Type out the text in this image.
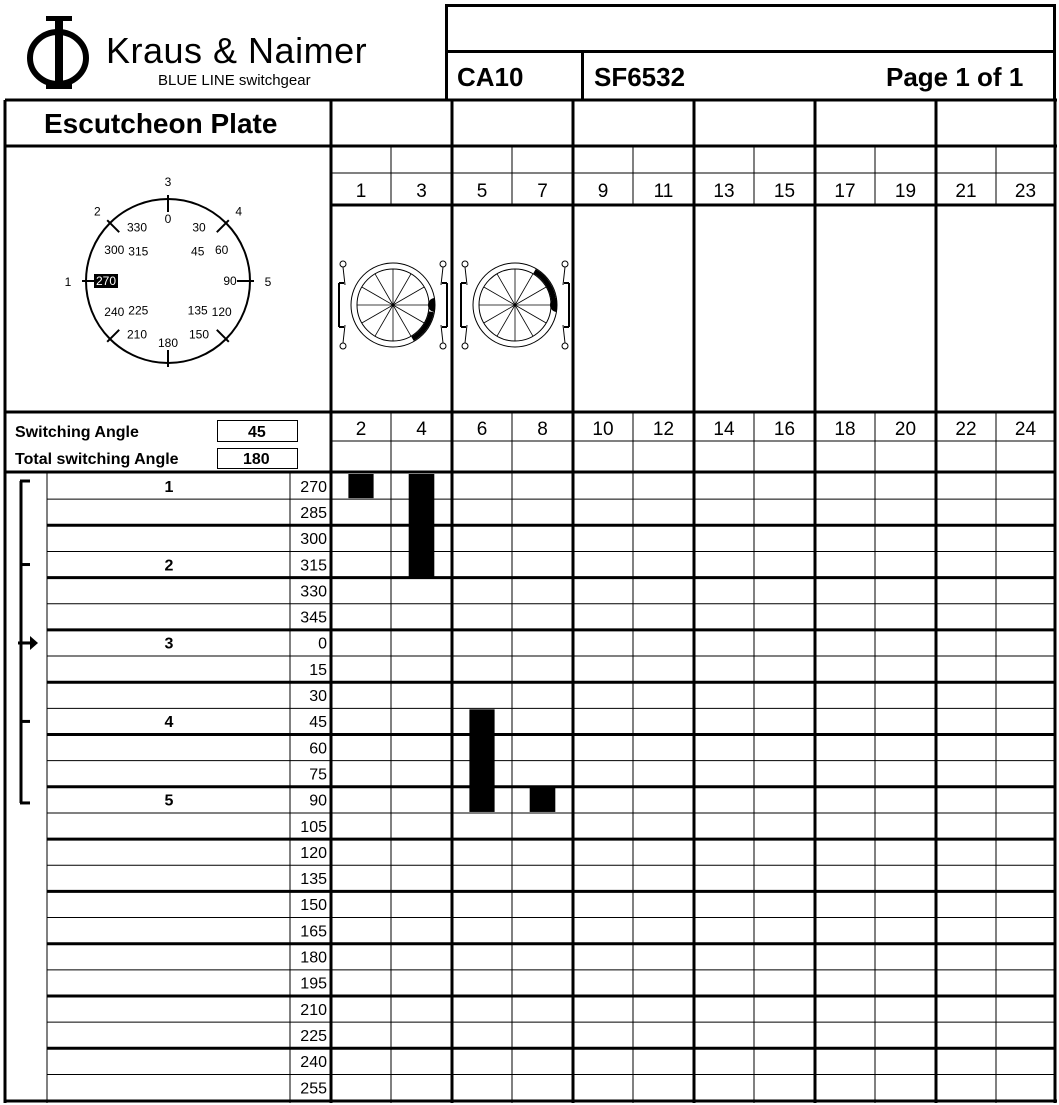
Kraus & Naimer
BLUE LINE switchgear	CA10	SF6532	Page 1 of 1
Escutcheon Plate
Switching Angle	45
Total switching Angle	180
1
2
3
4
5
0
30
60
90
120
150
180
210
240
270
300
330
45
135
225
315
1	3	5	7	9 11 13 15 17 19 21 23
2	4	6	8 10 12 14 16 18 20 22 24
1	270
285
300
2	315
330
345
3	0
15
30
4	45
60
75
5	90
105
120
135
150
165
180
195
210
225
240
255
